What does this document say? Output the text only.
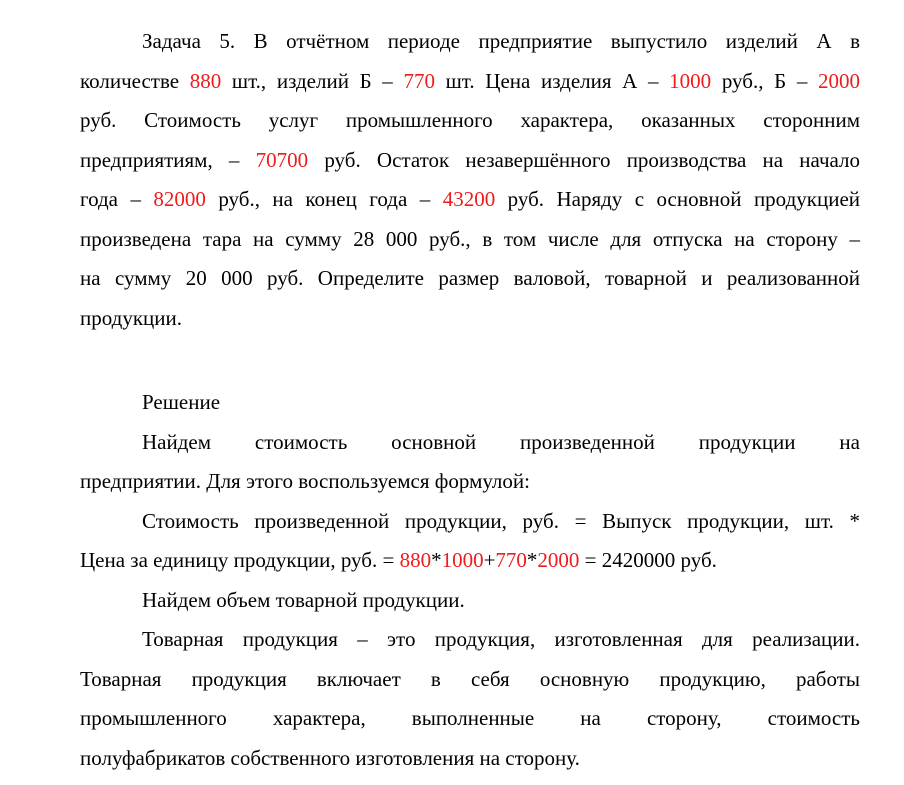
Задача 5. В отчётном периоде предприятие выпустило изделий А в
количестве 880 шт., изделий Б – 770 шт. Цена изделия А – 1000 руб., Б – 2000
руб. Стоимость услуг промышленного характера, оказанных сторонним
предприятиям, – 70700 руб. Остаток незавершённого производства на начало
года – 82000 руб., на конец года – 43200 руб. Наряду с основной продукцией
произведена тара на сумму 28 000 руб., в том числе для отпуска на сторону –
на сумму 20 000 руб. Определите размер валовой, товарной и реализованной
продукции.
Решение
Найдем стоимость основной произведенной продукции на
предприятии. Для этого воспользуемся формулой:
Стоимость произведенной продукции, руб. = Выпуск продукции, шт. *
Цена за единицу продукции, руб. = 880*1000+770*2000 = 2420000 руб.
Найдем объем товарной продукции.
Товарная продукция – это продукция, изготовленная для реализации.
Товарная продукция включает в себя основную продукцию, работы
промышленного характера, выполненные на сторону, стоимость
полуфабрикатов собственного изготовления на сторону.
